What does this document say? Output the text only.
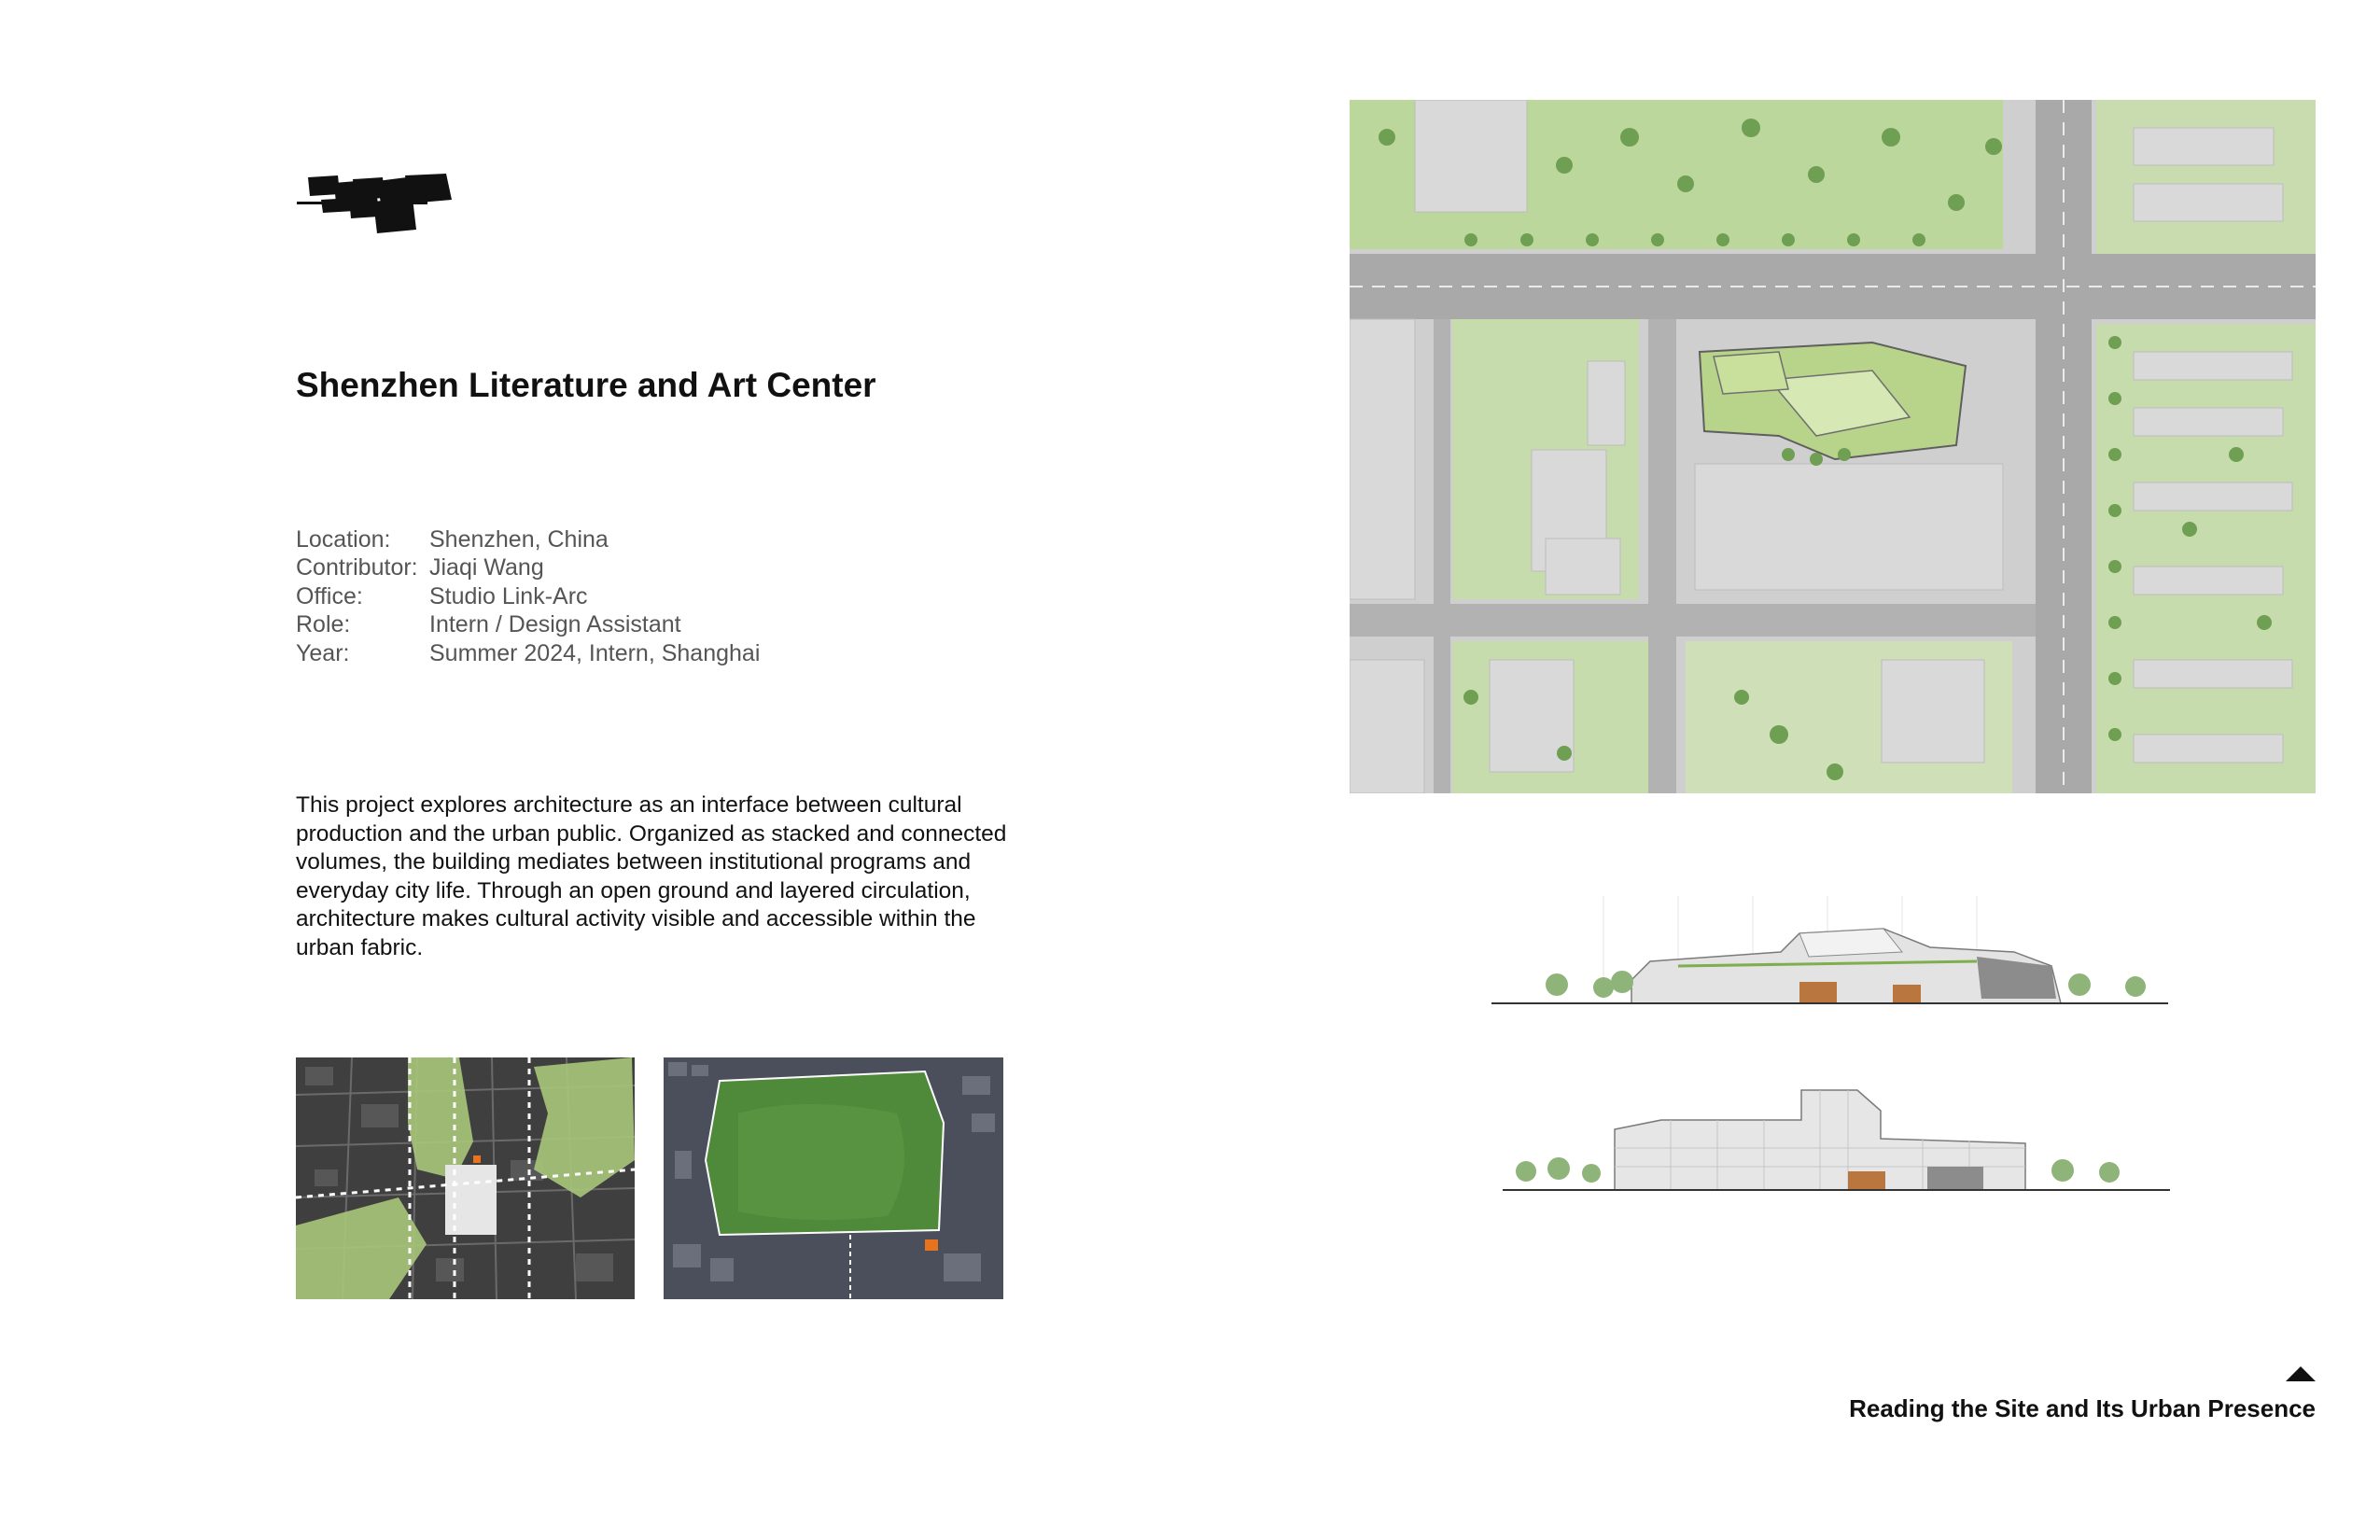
Shenzhen Literature and Art Center
Location:	Shenzhen, China
Contributor: Jiaqi Wang
Office:	Studio Link-Arc
Role:	Intern / Design Assistant
Year:	Summer 2024, Intern, Shanghai

This project explores architecture as an interface between cultural production and the urban public. Organized as stacked and connected volumes, the building mediates between institutional programs and everyday city life. Through an open ground and layered circulation, architecture makes cultural activity visible and accessible within the urban fabric.

Reading the Site and Its Urban Presence
